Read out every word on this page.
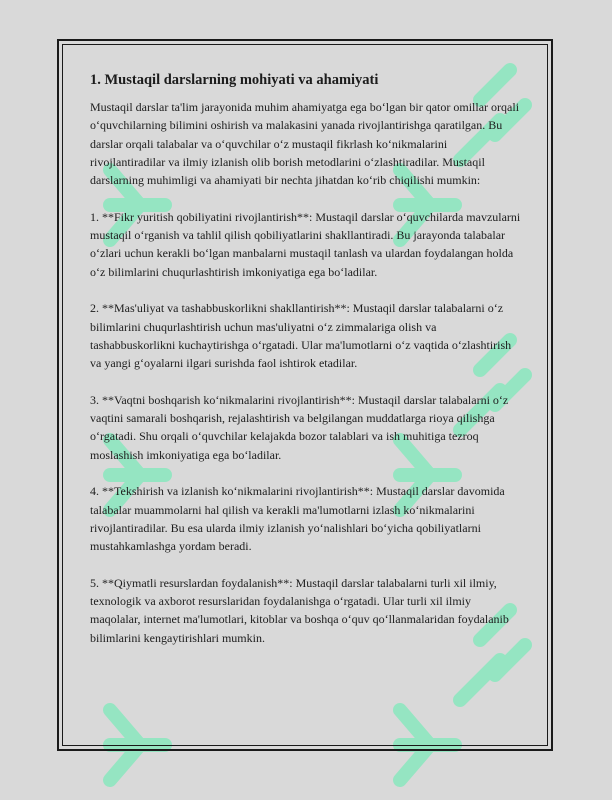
1. Mustaqil darslarning mohiyati va ahamiyati

Mustaqil darslar ta'lim jarayonida muhim ahamiyatga ega bo‘lgan bir qator omillar orqali o‘quvchilarning bilimini oshirish va malakasini yanada rivojlantirishga qaratilgan. Bu darslar orqali talabalar va o‘quvchilar o‘z mustaqil fikrlash ko‘nikmalarini rivojlantiradilar va ilmiy izlanish olib borish metodlarini o‘zlashtiradilar. Mustaqil darslarning muhimligi va ahamiyati bir nechta jihatdan ko‘rib chiqilishi mumkin:

1. **Fikr yuritish qobiliyatini rivojlantirish**: Mustaqil darslar o‘quvchilarda mavzularni mustaqil o‘rganish va tahlil qilish qobiliyatlarini shakllantiradi. Bu jarayonda talabalar o‘zlari uchun kerakli bo‘lgan manbalarni mustaqil tanlash va ulardan foydalangan holda o‘z bilimlarini chuqurlashtirish imkoniyatiga ega bo‘ladilar.

2. **Mas'uliyat va tashabbuskorlikni shakllantirish**: Mustaqil darslar talabalarni o‘z bilimlarini chuqurlashtirish uchun mas'uliyatni o‘z zimmalariga olish va tashabbuskorlikni kuchaytirishga o‘rgatadi. Ular ma'lumotlarni o‘z vaqtida o‘zlashtirish va yangi g‘oyalarni ilgari surishda faol ishtirok etadilar.

3. **Vaqtni boshqarish ko‘nikmalarini rivojlantirish**: Mustaqil darslar talabalarni o‘z vaqtini samarali boshqarish, rejalashtirish va belgilangan muddatlarga rioya qilishga o‘rgatadi. Shu orqali o‘quvchilar kelajakda bozor talablari va ish muhitiga tezroq moslashish imkoniyatiga ega bo‘ladilar.

4. **Tekshirish va izlanish ko‘nikmalarini rivojlantirish**: Mustaqil darslar davomida talabalar muammolarni hal qilish va kerakli ma'lumotlarni izlash ko‘nikmalarini rivojlantiradilar. Bu esa ularda ilmiy izlanish yo‘nalishlari bo‘yicha qobiliyatlarni mustahkamlashga yordam beradi.

5. **Qiymatli resurslardan foydalanish**: Mustaqil darslar talabalarni turli xil ilmiy, texnologik va axborot resurslaridan foydalanishga o‘rgatadi. Ular turli xil ilmiy maqolalar, internet ma'lumotlari, kitoblar va boshqa o‘quv qo‘llanmalaridan foydalanib bilimlarini kengaytirishlari mumkin.
